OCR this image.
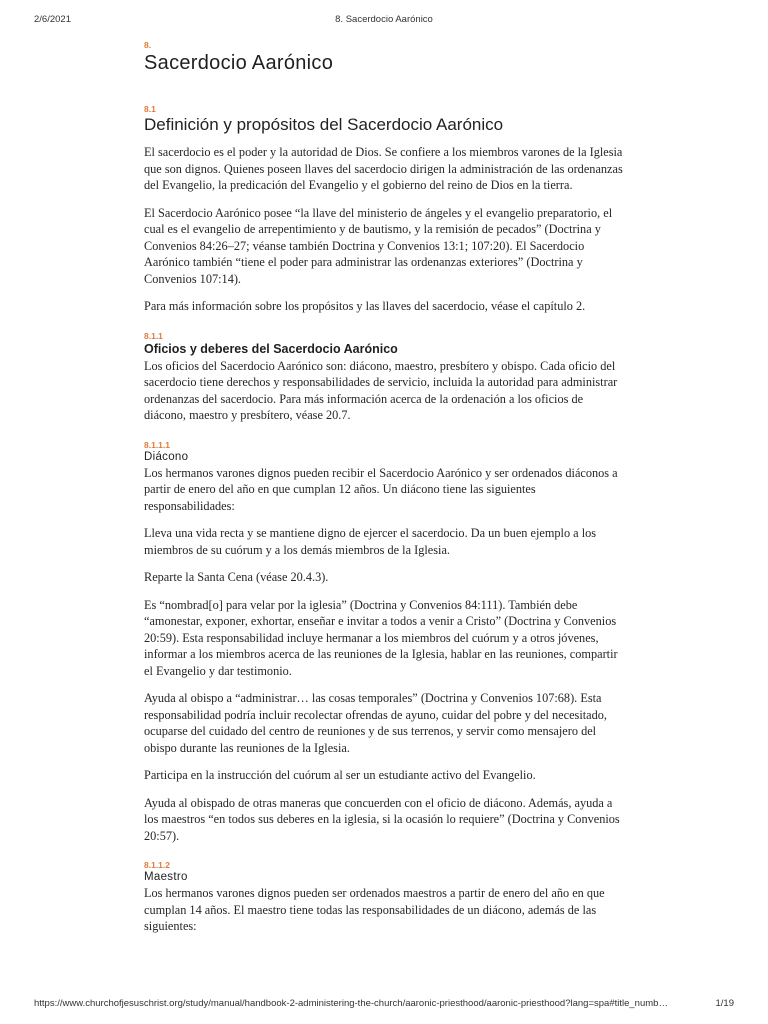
2/6/2021	8. Sacerdocio Aarónico
8.
Sacerdocio Aarónico
8.1
Definición y propósitos del Sacerdocio Aarónico

El sacerdocio es el poder y la autoridad de Dios. Se confiere a los miembros varones de la Iglesia que son dignos. Quienes poseen llaves del sacerdocio dirigen la administración de las ordenanzas del Evangelio, la predicación del Evangelio y el gobierno del reino de Dios en la tierra.

El Sacerdocio Aarónico posee “la llave del ministerio de ángeles y el evangelio preparatorio, el cual es el evangelio de arrepentimiento y de bautismo, y la remisión de pecados” (Doctrina y Convenios 84:26–27; véanse también Doctrina y Convenios 13:1; 107:20). El Sacerdocio Aarónico también “tiene el poder para administrar las ordenanzas exteriores” (Doctrina y Convenios 107:14).

Para más información sobre los propósitos y las llaves del sacerdocio, véase el capítulo 2.

8.1.1
Oficios y deberes del Sacerdocio Aarónico

Los oficios del Sacerdocio Aarónico son: diácono, maestro, presbítero y obispo. Cada oficio del sacerdocio tiene derechos y responsabilidades de servicio, incluida la autoridad para administrar ordenanzas del sacerdocio. Para más información acerca de la ordenación a los oficios de diácono, maestro y presbítero, véase 20.7.

8.1.1.1
Diácono

Los hermanos varones dignos pueden recibir el Sacerdocio Aarónico y ser ordenados diáconos a partir de enero del año en que cumplan 12 años. Un diácono tiene las siguientes responsabilidades:

Lleva una vida recta y se mantiene digno de ejercer el sacerdocio. Da un buen ejemplo a los miembros de su cuórum y a los demás miembros de la Iglesia.

Reparte la Santa Cena (véase 20.4.3).

Es “nombrad[o] para velar por la iglesia” (Doctrina y Convenios 84:111). También debe “amonestar, exponer, exhortar, enseñar e invitar a todos a venir a Cristo” (Doctrina y Convenios 20:59). Esta responsabilidad incluye hermanar a los miembros del cuórum y a otros jóvenes, informar a los miembros acerca de las reuniones de la Iglesia, hablar en las reuniones, compartir el Evangelio y dar testimonio.

Ayuda al obispo a “administrar… las cosas temporales” (Doctrina y Convenios 107:68). Esta responsabilidad podría incluir recolectar ofrendas de ayuno, cuidar del pobre y del necesitado, ocuparse del cuidado del centro de reuniones y de sus terrenos, y servir como mensajero del obispo durante las reuniones de la Iglesia.

Participa en la instrucción del cuórum al ser un estudiante activo del Evangelio.

Ayuda al obispado de otras maneras que concuerden con el oficio de diácono. Además, ayuda a los maestros “en todos sus deberes en la iglesia, si la ocasión lo requiere” (Doctrina y Convenios 20:57).

8.1.1.2
Maestro

Los hermanos varones dignos pueden ser ordenados maestros a partir de enero del año en que cumplan 14 años. El maestro tiene todas las responsabilidades de un diácono, además de las siguientes:

https://www.churchofjesuschrist.org/study/manual/handbook-2-administering-the-church/aaronic-priesthood/aaronic-priesthood?lang=spa#title_numb…	1/19
